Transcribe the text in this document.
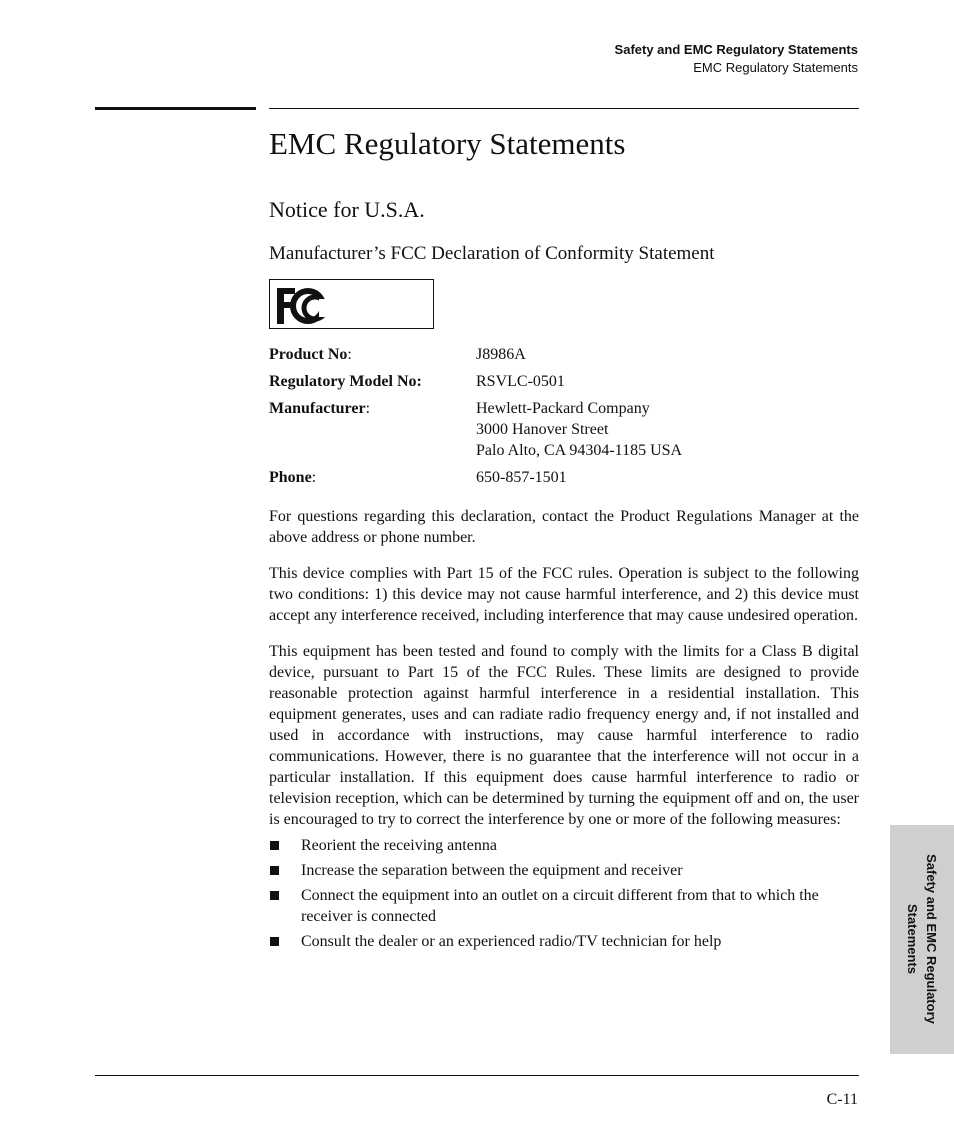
Safety and EMC Regulatory Statements
EMC Regulatory Statements
EMC Regulatory Statements
Notice for U.S.A.
Manufacturer’s FCC Declaration of Conformity Statement
Product No:	J8986A
Regulatory Model No:	RSVLC-0501
Manufacturer:	Hewlett-Packard Company
3000 Hanover Street
Palo Alto, CA 94304-1185 USA
Phone:	650-857-1501

For questions regarding this declaration, contact the Product Regulations Manager at the above address or phone number.

This device complies with Part 15 of the FCC rules. Operation is subject to the following two conditions: 1) this device may not cause harmful interference, and 2) this device must accept any interference received, including interference that may cause undesired operation.

This equipment has been tested and found to comply with the limits for a Class B digital device, pursuant to Part 15 of the FCC Rules. These limits are designed to provide reasonable protection against harmful interference in a residential installation. This equipment generates, uses and can radiate radio frequency energy and, if not installed and used in accordance with instructions, may cause harmful interference to radio communications. However, there is no guarantee that the interference will not occur in a particular installation. If this equipment does cause harmful interference to radio or television reception, which can be determined by turning the equipment off and on, the user is encouraged to try to correct the interference by one or more of the following measures:

Reorient the receiving antenna
Increase the separation between the equipment and receiver
Connect the equipment into an outlet on a circuit different from that to which the receiver is connected
Consult the dealer or an experienced radio/TV technician for help	Safety and EMC Regulatory Statements
C-11
